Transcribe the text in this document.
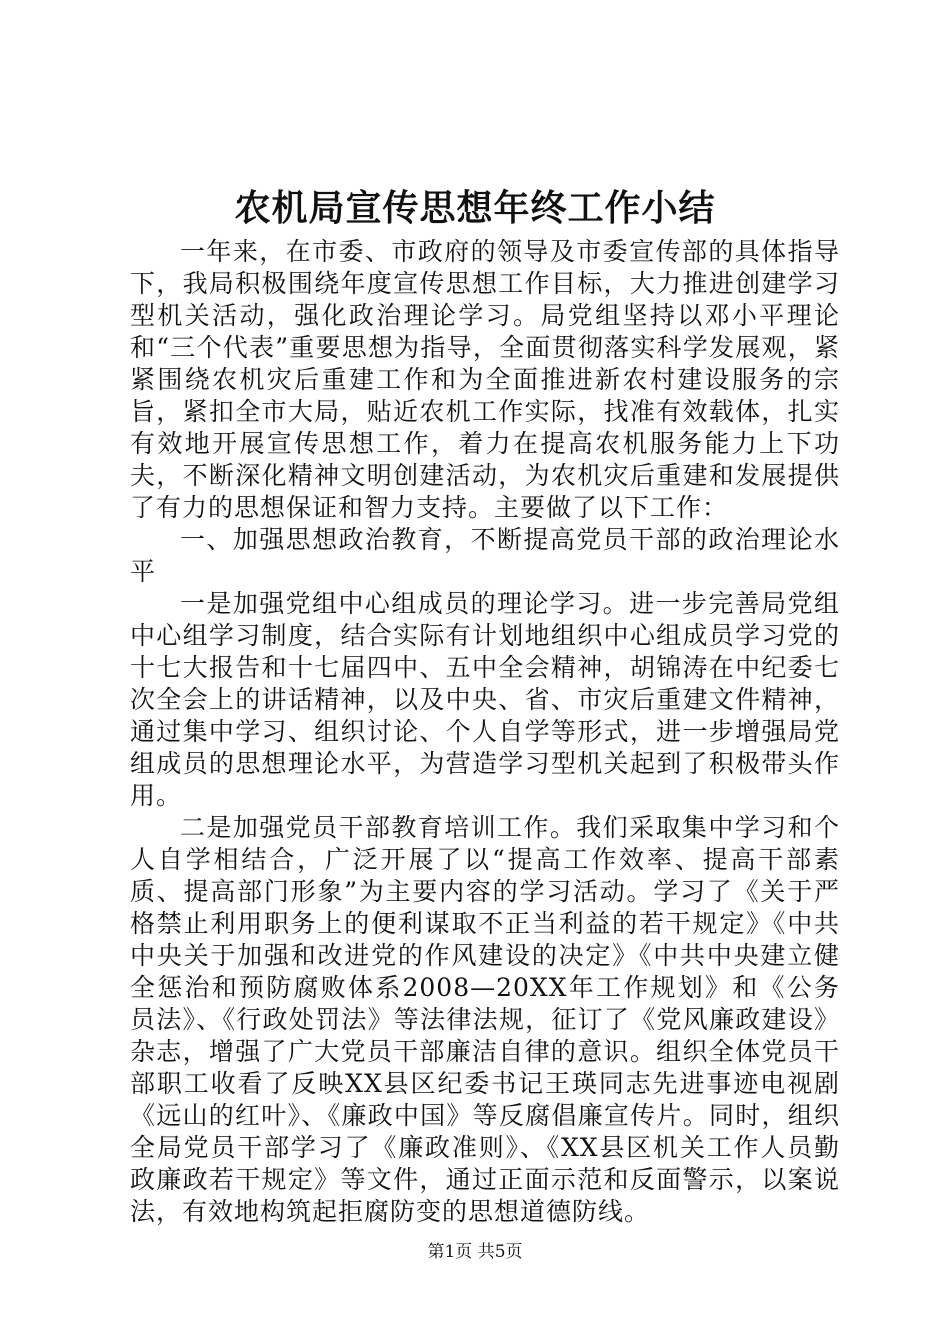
农机局宣传思想年终工作小结

一年来，在市委、市政府的领导及市委宣传部的具体指导下，我局积极围绕年度宣传思想工作目标，大力推进创建学习型机关活动，强化政治理论学习。局党组坚持以邓小平理论和“三个代表”重要思想为指导，全面贯彻落实科学发展观，紧紧围绕农机灾后重建工作和为全面推进新农村建设服务的宗旨，紧扣全市大局，贴近农机工作实际，找准有效载体，扎实有效地开展宣传思想工作，着力在提高农机服务能力上下功夫，不断深化精神文明创建活动，为农机灾后重建和发展提供了有力的思想保证和智力支持。主要做了以下工作：

一、加强思想政治教育，不断提高党员干部的政治理论水平

一是加强党组中心组成员的理论学习。进一步完善局党组中心组学习制度，结合实际有计划地组织中心组成员学习党的十七大报告和十七届四中、五中全会精神，胡锦涛在中纪委七次全会上的讲话精神，以及中央、省、市灾后重建文件精神，通过集中学习、组织讨论、个人自学等形式，进一步增强局党组成员的思想理论水平，为营造学习型机关起到了积极带头作用。

二是加强党员干部教育培训工作。我们采取集中学习和个人自学相结合，广泛开展了以“提高工作效率、提高干部素质、提高部门形象”为主要内容的学习活动。学习了《关于严格禁止利用职务上的便利谋取不正当利益的若干规定》《中共中央关于加强和改进党的作风建设的决定》《中共中央建立健全惩治和预防腐败体系2008—20XX年工作规划》和《公务员法》、《行政处罚法》等法律法规，征订了《党风廉政建设》杂志，增强了广大党员干部廉洁自律的意识。组织全体党员干部职工收看了反映XX县区纪委书记王瑛同志先进事迹电视剧《远山的红叶》、《廉政中国》等反腐倡廉宣传片。同时，组织全局党员干部学习了《廉政准则》、《XX县区机关工作人员勤政廉政若干规定》等文件，通过正面示范和反面警示，以案说法，有效地构筑起拒腐防变的思想道德防线。

第1页 共5页
